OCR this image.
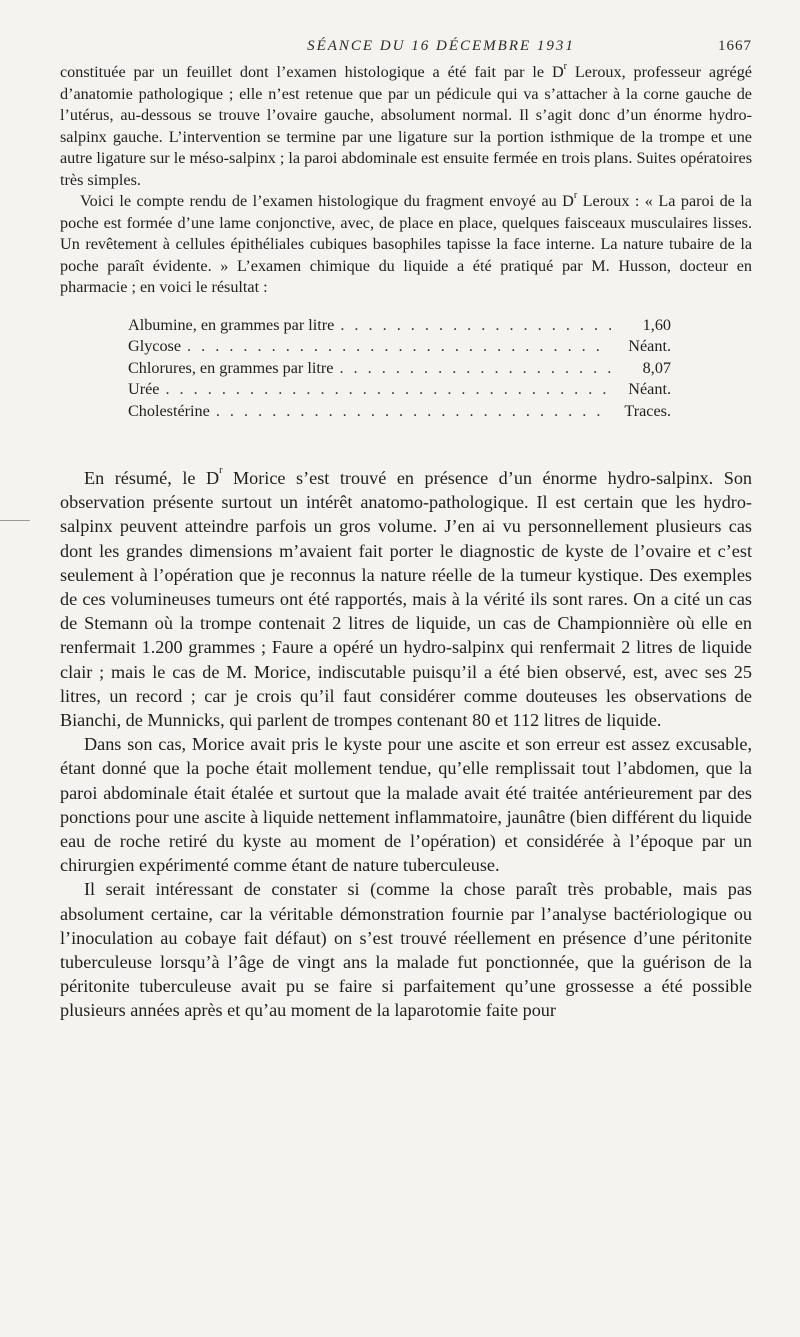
SÉANCE DU 16 DÉCEMBRE 1931	1667

constituée par un feuillet dont l’examen histologique a été fait par le $D^r$ Leroux, professeur agrégé d’anatomie pathologique ; elle n’est retenue que par un pédicule qui va s’attacher à la corne gauche de l’utérus, au-dessous se trouve l’ovaire gauche, absolument normal. Il s’agit donc d’un énorme hydro-salpinx gauche. L’intervention se termine par une ligature sur la portion isthmique de la trompe et une autre ligature sur le méso-salpinx ; la paroi abdominale est ensuite fermée en trois plans. Suites opératoires très simples.

Voici le compte rendu de l’examen histologique du fragment envoyé au $D^r$ Leroux : « La paroi de la poche est formée d’une lame conjonctive, avec, de place en place, quelques faisceaux musculaires lisses. Un revêtement à cellules épithéliales cubiques basophiles tapisse la face interne. La nature tubaire de la poche paraît évidente. » L’examen chimique du liquide a été pratiqué par M. Husson, docteur en pharmacie ; en voici le résultat :

Albumine, en grammes par litre . . .	1,60
Glycose . . .	Néant.
Chlorures, en grammes par litre . . .	8,07
Urée . . .	Néant.
Cholestérine . . .	Traces.

En résumé, le $D^r$ Morice s’est trouvé en présence d’un énorme hydro-salpinx. Son observation présente surtout un intérêt anatomo-pathologique. Il est certain que les hydro-salpinx peuvent atteindre parfois un gros volume. J’en ai vu personnellement plusieurs cas dont les grandes dimensions m’avaient fait porter le diagnostic de kyste de l’ovaire et c’est seulement à l’opération que je reconnus la nature réelle de la tumeur kystique. Des exemples de ces volumineuses tumeurs ont été rapportés, mais à la vérité ils sont rares. On a cité un cas de Stemann où la trompe contenait 2 litres de liquide, un cas de Championnière où elle en renfermait 1.200 grammes ; Faure a opéré un hydro-salpinx qui renfermait 2 litres de liquide clair ; mais le cas de M. Morice, indiscutable puisqu’il a été bien observé, est, avec ses 25 litres, un record ; car je crois qu’il faut considérer comme douteuses les observations de Bianchi, de Munnicks, qui parlent de trompes contenant 80 et 112 litres de liquide.

Dans son cas, Morice avait pris le kyste pour une ascite et son erreur est assez excusable, étant donné que la poche était mollement tendue, qu’elle remplissait tout l’abdomen, que la paroi abdominale était étalée et surtout que la malade avait été traitée antérieurement par des ponctions pour une ascite à liquide nettement inflammatoire, jaunâtre (bien différent du liquide eau de roche retiré du kyste au moment de l’opération) et considérée à l’époque par un chirurgien expérimenté comme étant de nature tuberculeuse.

Il serait intéressant de constater si (comme la chose paraît très probable, mais pas absolument certaine, car la véritable démonstration fournie par l’analyse bactériologique ou l’inoculation au cobaye fait défaut) on s’est trouvé réellement en présence d’une péritonite tuberculeuse lorsqu’à l’âge de vingt ans la malade fut ponctionnée, que la guérison de la péritonite tuberculeuse avait pu se faire si parfaitement qu’une grossesse a été possible plusieurs années après et qu’au moment de la laparotomie faite pour
